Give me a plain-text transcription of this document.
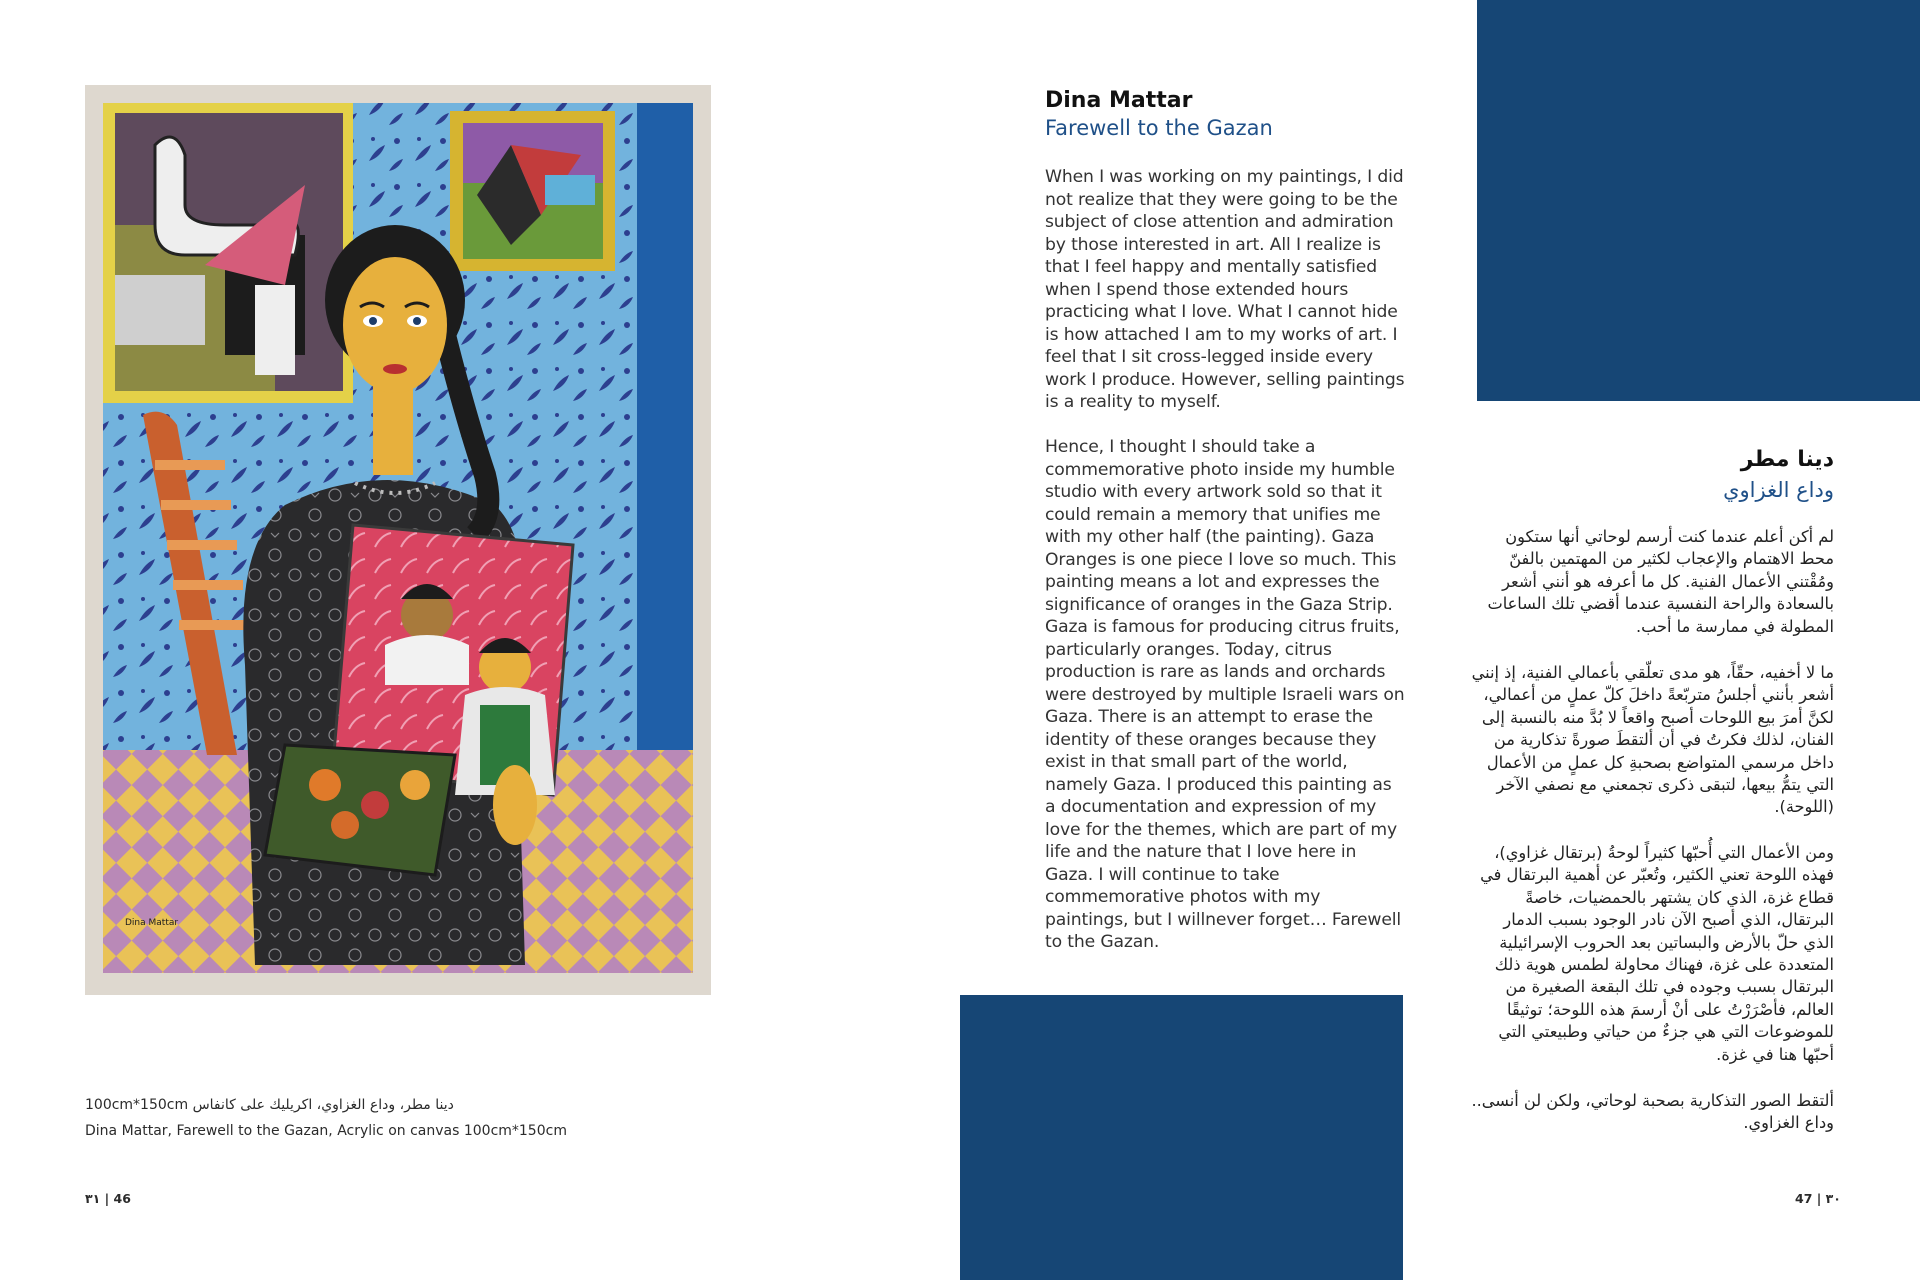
Dina Mattar
دينا مطر، وداع الغزاوي، اكريليك على كانفاس 100cm*150cm
Dina Mattar, Farewell to the Gazan, Acrylic on canvas 100cm*150cm
٣١ | 46	47 | ٣٠
Dina Mattar
Farewell to the Gazan

When I was working on my paintings, I did not realize that they were going to be the subject of close attention and admiration by those interested in art. All I realize is that I feel happy and mentally satisfied when I spend those extended hours practicing what I love. What I cannot hide is how attached I am to my works of art. I feel that I sit cross-legged inside every work I produce. However, selling paintings is a reality to myself.

Hence, I thought I should take a commemorative photo inside my humble studio with every artwork sold so that it could remain a memory that unifies me with my other half (the painting). Gaza Oranges is one piece I love so much. This painting means a lot and expresses the significance of oranges in the Gaza Strip. Gaza is famous for producing citrus fruits, particularly oranges. Today, citrus production is rare as lands and orchards were destroyed by multiple Israeli wars on Gaza. There is an attempt to erase the identity of these oranges because they exist in that small part of the world, namely Gaza. I produced this painting as a documentation and expression of my love for the themes, which are part of my life and the nature that I love here in Gaza. I will continue to take commemorative photos with my paintings, but I willnever forget… Farewell to the Gazan.

دينا مطر
وداع الغزاوي

لم أكن أعلم عندما كنت أرسم لوحاتي أنها ستكون محط الاهتمام والإعجاب لكثير من المهتمين بالفنّ ومُقْتني الأعمال الفنية. كل ما أعرفه هو أنني أشعر بالسعادة والراحة النفسية عندما أقضي تلك الساعات المطولة في ممارسة ما أحب.

ما لا أخفيه، حقّاً، هو مدى تعلّقي بأعمالي الفنية، إذ إنني أشعر بأنني أجلسُ متربّعةً داخلَ كلّ عملٍ من أعمالي، لكنَّ أمرَ بيع اللوحات أصبح واقعاً لا بُدَّ منه بالنسبة إلى الفنان، لذلك فكرتُ في أن ألتقطَ صورةً تذكارية من داخل مرسمي المتواضع بصحبةِ كل عملٍ من الأعمال التي يتمُّ بيعها، لتبقى ذكرى تجمعني مع نصفي الآخر (اللوحة).

ومن الأعمال التي أُحبّها كثيراً لوحةُ (برتقال غزاوي)، فهذه اللوحة تعني الكثير، وتُعبّر عن أهمية البرتقال في قطاع غزة، الذي كان يشتهر بالحمضيات، خاصةً البرتقال، الذي أصبح الآن نادر الوجود بسبب الدمار الذي حلّ بالأرض والبساتين بعد الحروب الإسرائيلية المتعددة على غزة، فهناك محاولة لطمس هوية ذلك البرتقال بسبب وجوده في تلك البقعة الصغيرة من العالم، فأصْرَرْتُ على أنْ أرسمَ هذه اللوحة؛ توثيقًا للموضوعات التي هي جزءٌ من حياتي وطبيعتي التي أحبّها هنا في غزة.

ألتقط الصور التذكارية بصحبة لوحاتي، ولكن لن أنسى.. وداع الغزاوي.
